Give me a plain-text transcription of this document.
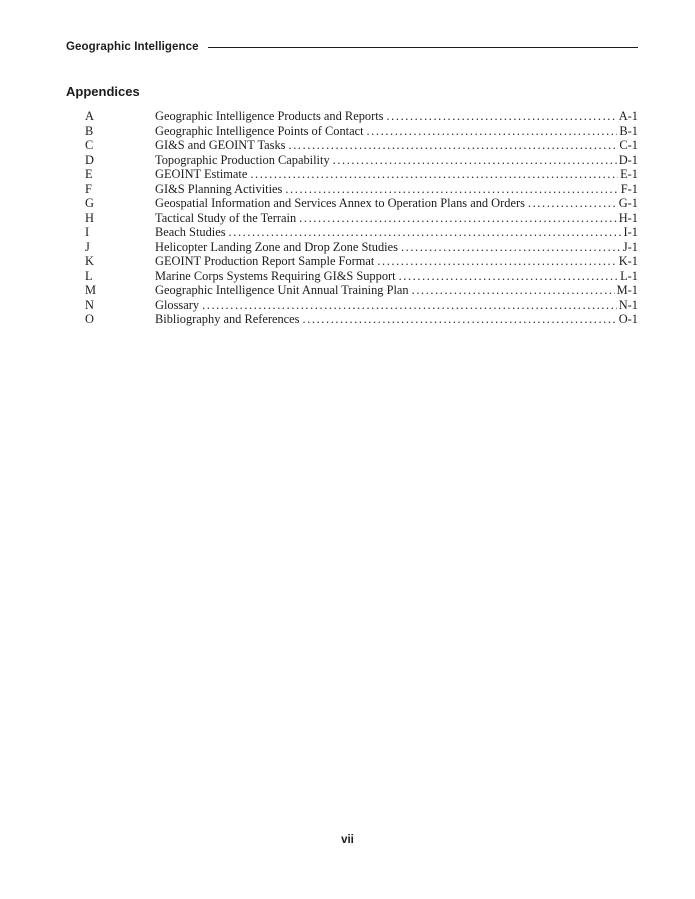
Geographic Intelligence
Appendices
A	Geographic Intelligence Products and Reports .....	A-1
B	Geographic Intelligence Points of Contact .....	B-1
C	GI&S and GEOINT Tasks .....	C-1
D	Topographic Production Capability .....	D-1
E	GEOINT Estimate .....	E-1
F	GI&S Planning Activities .....	F-1
G	Geospatial Information and Services Annex to Operation Plans and Orders .....	G-1
H	Tactical Study of the Terrain .....	H-1
I	Beach Studies .....	I-1
J	Helicopter Landing Zone and Drop Zone Studies .....	J-1
K	GEOINT Production Report Sample Format .....	K-1
L	Marine Corps Systems Requiring GI&S Support .....	L-1
M	Geographic Intelligence Unit Annual Training Plan .....	M-1
N	Glossary .....	N-1
O	Bibliography and References .....	O-1
vii
